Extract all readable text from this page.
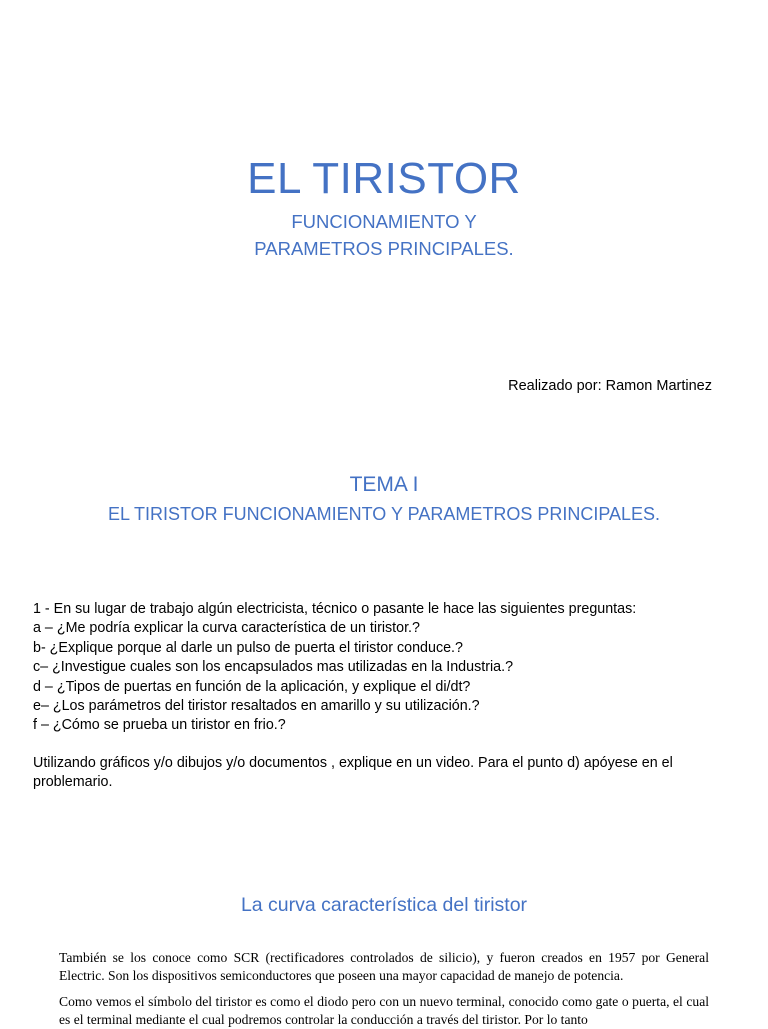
EL TIRISTOR
FUNCIONAMIENTO Y
PARAMETROS PRINCIPALES.
Realizado por: Ramon Martinez
TEMA I
EL TIRISTOR FUNCIONAMIENTO Y PARAMETROS PRINCIPALES.
1 - En su lugar de trabajo algún electricista, técnico o pasante le hace las siguientes preguntas:
a – ¿Me podría explicar la curva característica de un tiristor.?
b- ¿Explique porque al darle un pulso de puerta el tiristor conduce.?
c– ¿Investigue cuales son los encapsulados mas utilizadas en la Industria.?
d – ¿Tipos de puertas en función de la aplicación, y explique el di/dt?
e– ¿Los parámetros del tiristor resaltados en amarillo y su utilización.?
f – ¿Cómo se prueba un tiristor en frio.?
Utilizando gráficos y/o dibujos y/o documentos , explique en un video. Para el punto d) apóyese en el problemario.
La curva característica del tiristor
También se los conoce como SCR (rectificadores controlados de silicio), y fueron creados en 1957 por General Electric. Son los dispositivos semiconductores que poseen una mayor capacidad de manejo de potencia.
Como vemos el símbolo del tiristor es como el diodo pero con un nuevo terminal, conocido como gate o puerta, el cual es el terminal mediante el cual podremos controlar la conducción a través del tiristor. Por lo tanto
